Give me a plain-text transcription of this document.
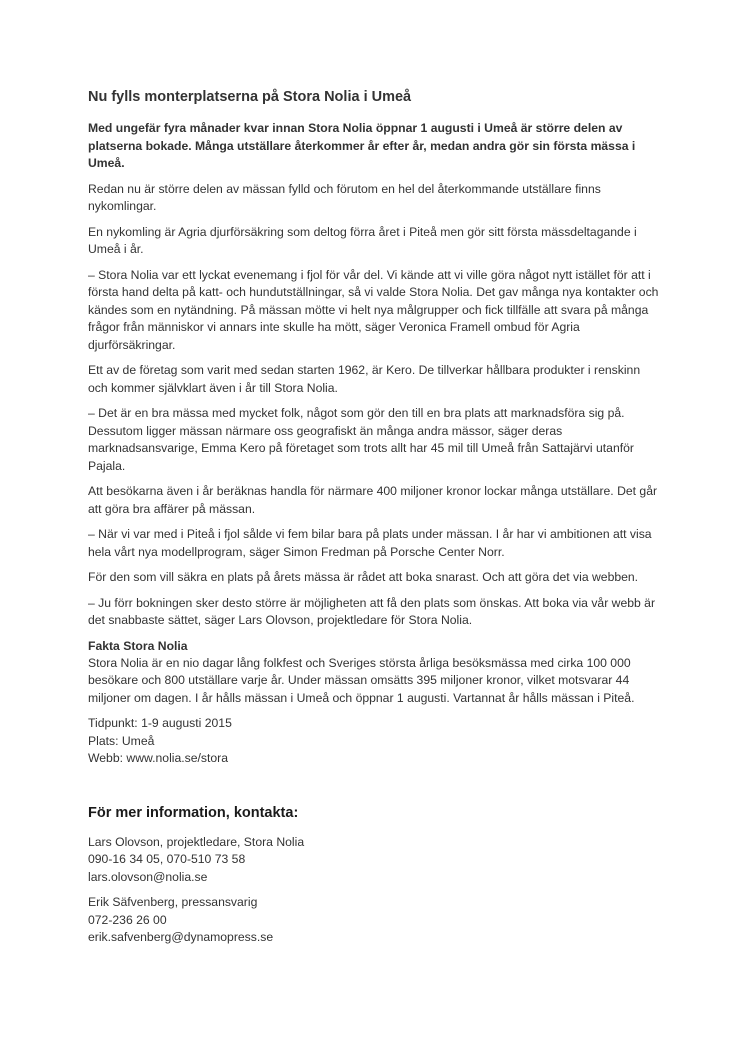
Nu fylls monterplatserna på Stora Nolia i Umeå

Med ungefär fyra månader kvar innan Stora Nolia öppnar 1 augusti i Umeå är större delen av platserna bokade. Många utställare återkommer år efter år, medan andra gör sin första mässa i Umeå.

Redan nu är större delen av mässan fylld och förutom en hel del återkommande utställare finns nykomlingar.

En nykomling är Agria djurförsäkring som deltog förra året i Piteå men gör sitt första mässdeltagande i Umeå i år.

– Stora Nolia var ett lyckat evenemang i fjol för vår del. Vi kände att vi ville göra något nytt istället för att i första hand delta på katt- och hundutställningar, så vi valde Stora Nolia. Det gav många nya kontakter och kändes som en nytändning. På mässan mötte vi helt nya målgrupper och fick tillfälle att svara på många frågor från människor vi annars inte skulle ha mött, säger Veronica Framell ombud för Agria djurförsäkringar.

Ett av de företag som varit med sedan starten 1962, är Kero. De tillverkar hållbara produkter i renskinn och kommer självklart även i år till Stora Nolia.

– Det är en bra mässa med mycket folk, något som gör den till en bra plats att marknadsföra sig på. Dessutom ligger mässan närmare oss geografiskt än många andra mässor, säger deras marknadsansvarige, Emma Kero på företaget som trots allt har 45 mil till Umeå från Sattajärvi utanför Pajala.

Att besökarna även i år beräknas handla för närmare 400 miljoner kronor lockar många utställare. Det går att göra bra affärer på mässan.

– När vi var med i Piteå i fjol sålde vi fem bilar bara på plats under mässan. I år har vi ambitionen att visa hela vårt nya modellprogram, säger Simon Fredman på Porsche Center Norr.

För den som vill säkra en plats på årets mässa är rådet att boka snarast. Och att göra det via webben.

– Ju förr bokningen sker desto större är möjligheten att få den plats som önskas. Att boka via vår webb är det snabbaste sättet, säger Lars Olovson, projektledare för Stora Nolia.

Fakta Stora Nolia

Stora Nolia är en nio dagar lång folkfest och Sveriges största årliga besöksmässa med cirka 100 000 besökare och 800 utställare varje år. Under mässan omsätts 395 miljoner kronor, vilket motsvarar 44 miljoner om dagen. I år hålls mässan i Umeå och öppnar 1 augusti. Vartannat år hålls mässan i Piteå.

Tidpunkt: 1-9 augusti 2015

Plats: Umeå

Webb: www.nolia.se/stora

För mer information, kontakta:

Lars Olovson, projektledare, Stora Nolia

090-16 34 05, 070-510 73 58

lars.olovson@nolia.se

Erik Säfvenberg, pressansvarig

072-236 26 00

erik.safvenberg@dynamopress.se
